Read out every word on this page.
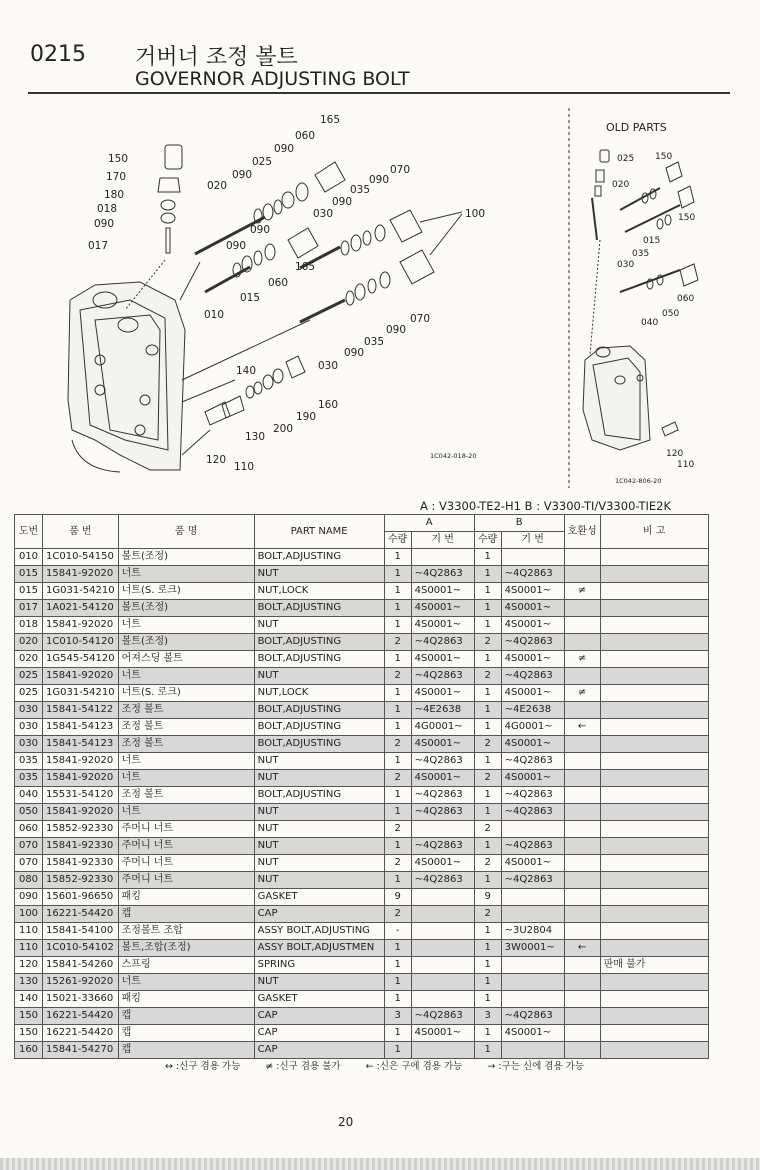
0215 거버너 조정 볼트
GOVERNOR ADJUSTING BOLT
165
060
090
025
090
020
150
170
180
018
090
017
070
090
035
090
030	100
090
090
165
060
015
010	070
090
035
090
030
140
160
190
200
130
120
110
025 150
020
150
015
035
030
060
050
040
120
110
OLD PARTS
1C042-018-20
1C042-806-20
A : V3300-TE2-H1 B : V3300-TI/V3300-TIE2K
도번	품 번	품 명	PART NAME	A		B		호환성	비 고
				수량	기 번	수량	기 번		
010	1C010-54150	볼트(조정)	BOLT,ADJUSTING	1		1			
015	15841-92020	너트	NUT	1	~4Q2863	1	~4Q2863		
015	1G031-54210	너트(S. 로크)	NUT,LOCK	1	4S0001~	1	4S0001~	≠	
017	1A021-54120	볼트(조정)	BOLT,ADJUSTING	1	4S0001~	1	4S0001~		
018	15841-92020	너트	NUT	1	4S0001~	1	4S0001~		
020	1C010-54120	볼트(조정)	BOLT,ADJUSTING	2	~4Q2863	2	~4Q2863		
020	1G545-54120	어져스딩 볼트	BOLT,ADJUSTING	1	4S0001~	1	4S0001~	≠	
025	15841-92020	너트	NUT	2	~4Q2863	2	~4Q2863		
025	1G031-54210	너트(S. 로크)	NUT,LOCK	1	4S0001~	1	4S0001~	≠	
030	15841-54122	조정 볼트	BOLT,ADJUSTING	1	~4E2638	1	~4E2638		
030	15841-54123	조정 볼트	BOLT,ADJUSTING	1	4G0001~	1	4G0001~	←	
030	15841-54123	조정 볼트	BOLT,ADJUSTING	2	4S0001~	2	4S0001~		
035	15841-92020	너트	NUT	1	~4Q2863	1	~4Q2863		
035	15841-92020	너트	NUT	2	4S0001~	2	4S0001~		
040	15531-54120	조정 볼트	BOLT,ADJUSTING	1	~4Q2863	1	~4Q2863		
050	15841-92020	너트	NUT	1	~4Q2863	1	~4Q2863		
060	15852-92330	주머니 너트	NUT	2		2			
070	15841-92330	주머니 너트	NUT	1	~4Q2863	1	~4Q2863		
070	15841-92330	주머니 너트	NUT	2	4S0001~	2	4S0001~		
080	15852-92330	주머니 너트	NUT	1	~4Q2863	1	~4Q2863		
090	15601-96650	패킹	GASKET	9		9			
100	16221-54420	캡	CAP	2		2			
110	15841-54100	조정볼트 조합	ASSY BOLT,ADJUSTING	-		1	~3U2804		
110	1C010-54102	볼트,조합(조정)	ASSY BOLT,ADJUSTMEN	1		1	3W0001~	←	
120	15841-54260	스프링	SPRING	1		1			판매 불가
130	15261-92020	너트	NUT	1		1			
140	15021-33660	패킹	GASKET	1		1			
150	16221-54420	캡	CAP	3	~4Q2863	3	~4Q2863		
150	16221-54420	캡	CAP	1	4S0001~	1	4S0001~		
160	15841-54270	캡	CAP	1		1			
↔ :신구 겸용 가능	≠ :신구 겸용 불가	← :신은 구에 겸용 가능	→ :구는 신에 겸용 가능
20
